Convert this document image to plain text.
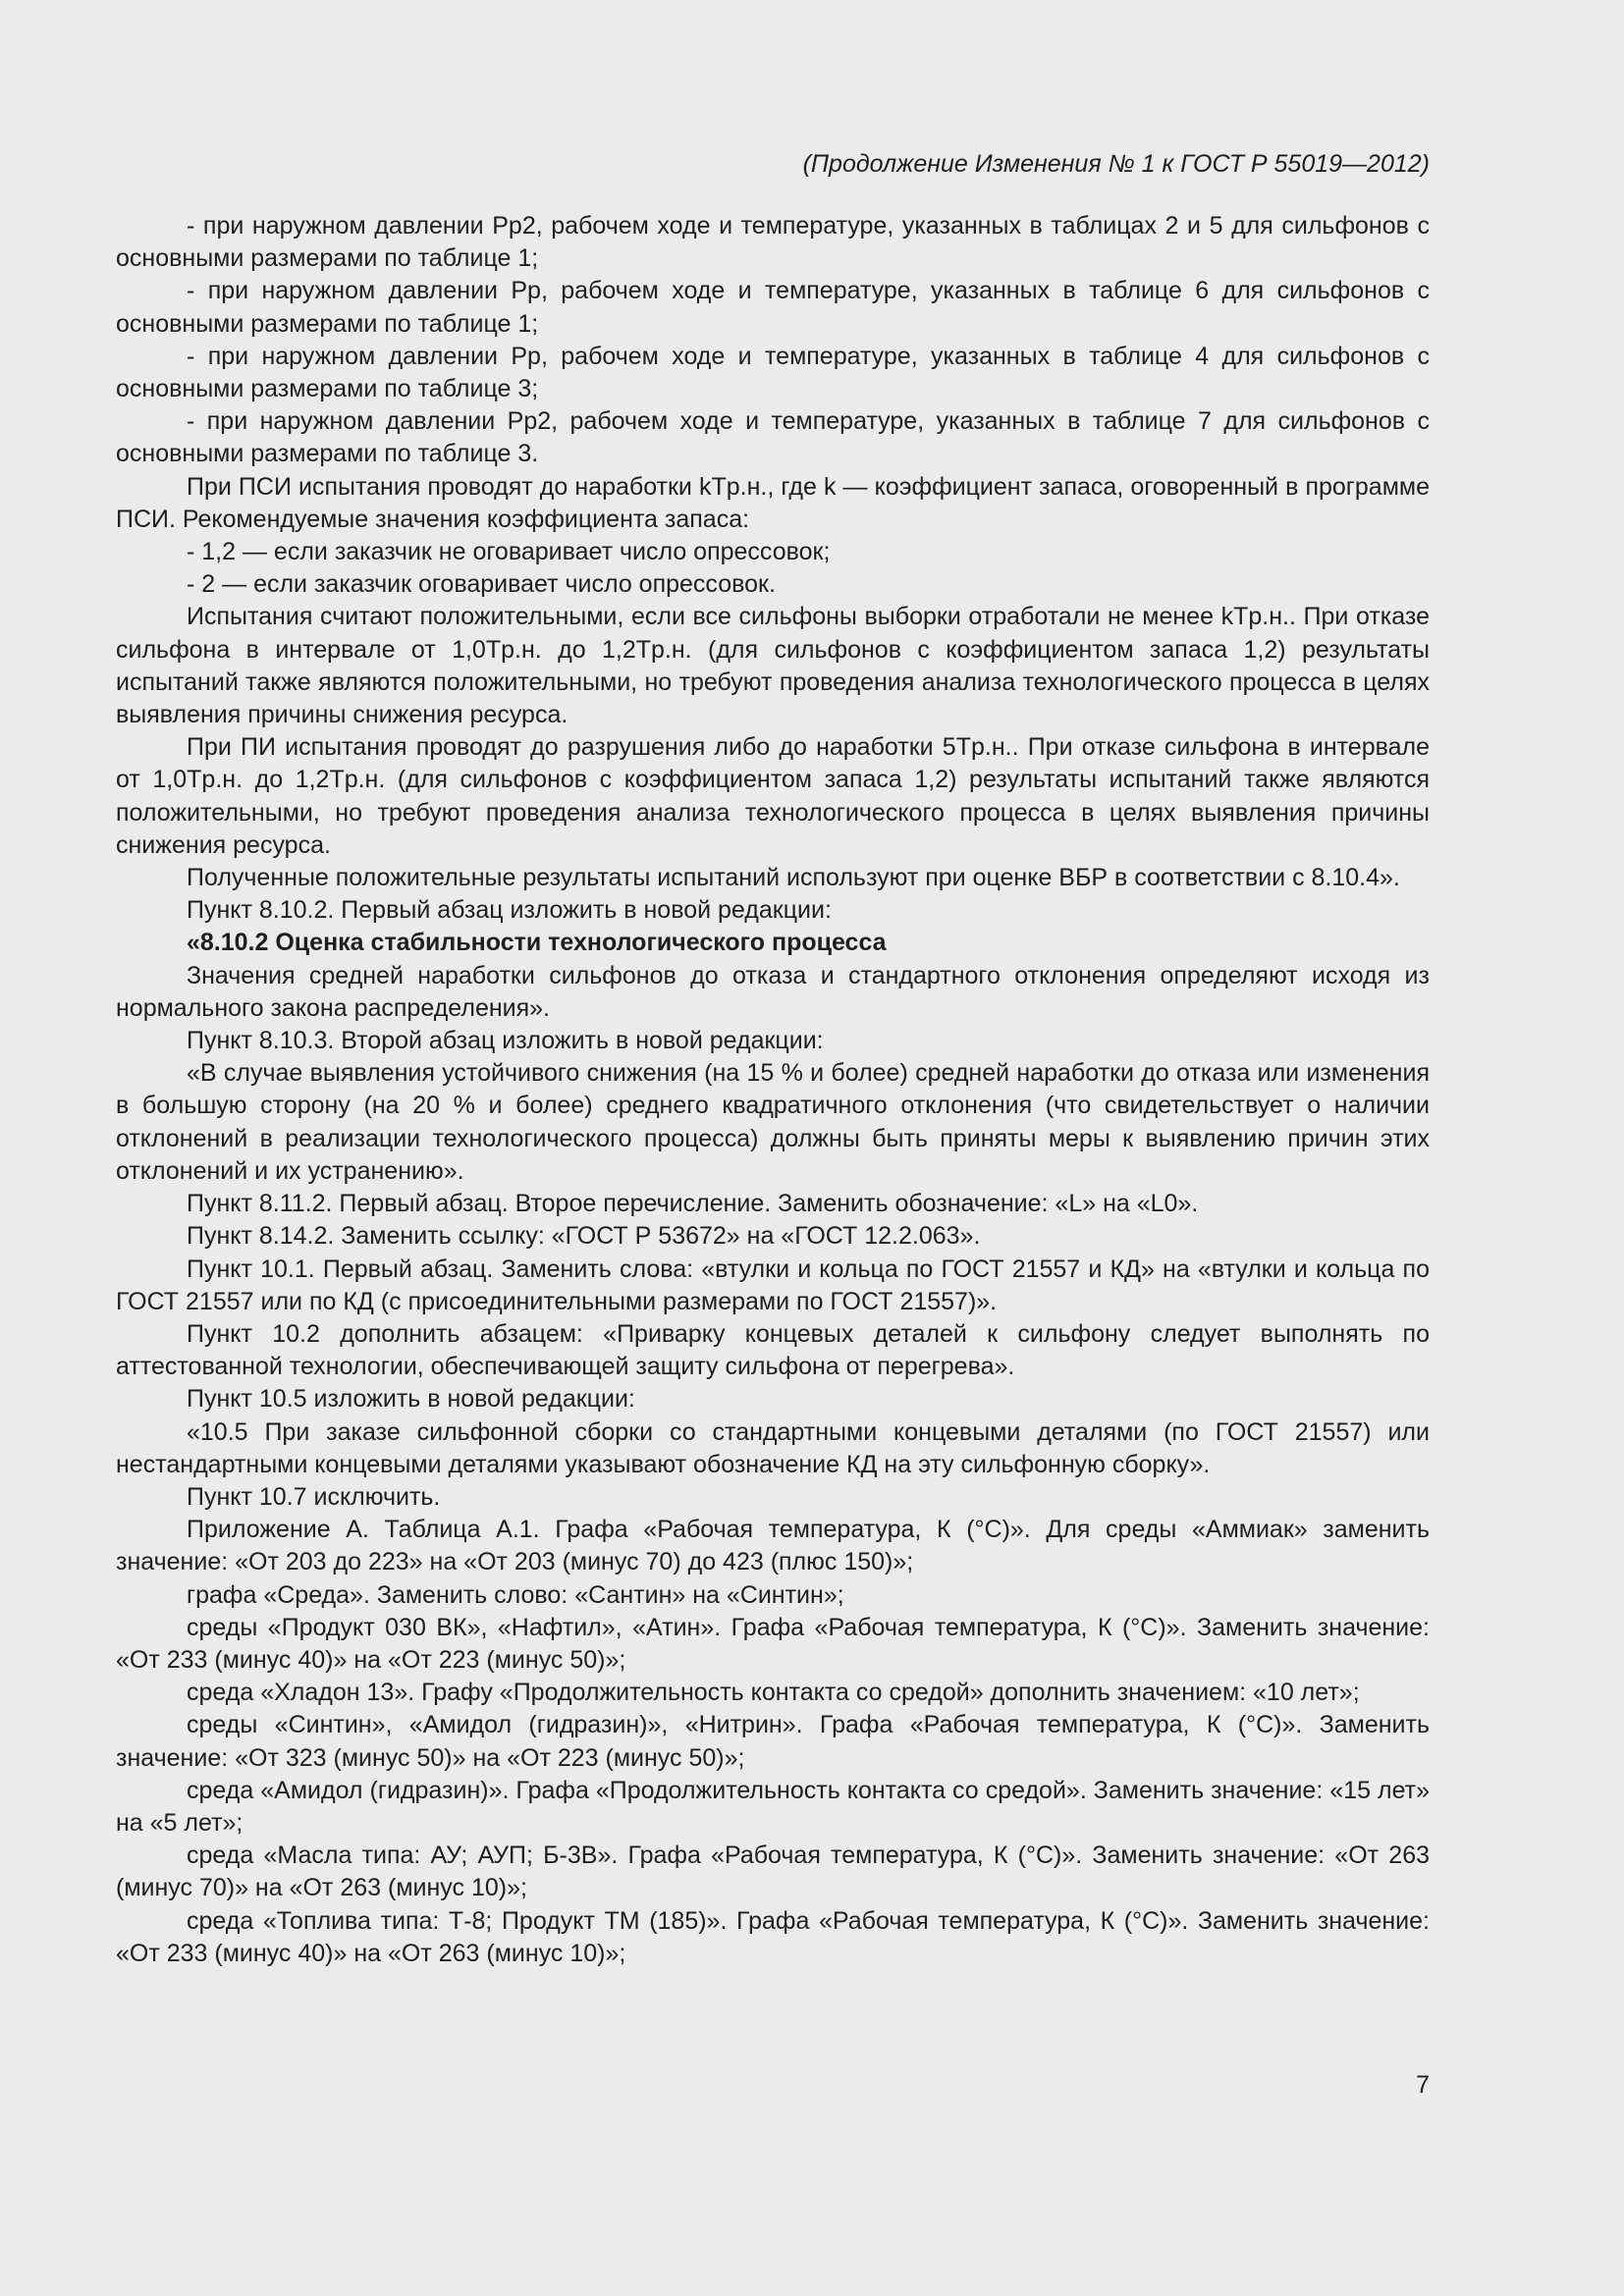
(Продолжение Изменения № 1 к ГОСТ Р 55019—2012)

- при наружном давлении Pp2, рабочем ходе и температуре, указанных в таблицах 2 и 5 для сильфонов с основными размерами по таблице 1;

- при наружном давлении Pp, рабочем ходе и температуре, указанных в таблице 6 для сильфонов с основными размерами по таблице 1;

- при наружном давлении Pp, рабочем ходе и температуре, указанных в таблице 4 для сильфонов с основными размерами по таблице 3;

- при наружном давлении Pp2, рабочем ходе и температуре, указанных в таблице 7 для сильфонов с основными размерами по таблице 3.

При ПСИ испытания проводят до наработки kTр.н., где k — коэффициент запаса, оговоренный в программе ПСИ. Рекомендуемые значения коэффициента запаса:

- 1,2 — если заказчик не оговаривает число опрессовок;

- 2 — если заказчик оговаривает число опрессовок.

Испытания считают положительными, если все сильфоны выборки отработали не менее kTр.н.. При отказе сильфона в интервале от 1,0Tр.н. до 1,2Tр.н. (для сильфонов с коэффициентом запаса 1,2) результаты испытаний также являются положительными, но требуют проведения анализа технологического процесса в целях выявления причины снижения ресурса.

При ПИ испытания проводят до разрушения либо до наработки 5Tр.н.. При отказе сильфона в интервале от 1,0Tр.н. до 1,2Tр.н. (для сильфонов с коэффициентом запаса 1,2) результаты испытаний также являются положительными, но требуют проведения анализа технологического процесса в целях выявления причины снижения ресурса.

Полученные положительные результаты испытаний используют при оценке ВБР в соответствии с 8.10.4».

Пункт 8.10.2. Первый абзац изложить в новой редакции:

«8.10.2 Оценка стабильности технологического процесса

Значения средней наработки сильфонов до отказа и стандартного отклонения определяют исходя из нормального закона распределения».

Пункт 8.10.3. Второй абзац изложить в новой редакции:

«В случае выявления устойчивого снижения (на 15 % и более) средней наработки до отказа или изменения в большую сторону (на 20 % и более) среднего квадратичного отклонения (что свидетельствует о наличии отклонений в реализации технологического процесса) должны быть приняты меры к выявлению причин этих отклонений и их устранению».

Пункт 8.11.2. Первый абзац. Второе перечисление. Заменить обозначение: «L» на «L0».

Пункт 8.14.2. Заменить ссылку: «ГОСТ Р 53672» на «ГОСТ 12.2.063».

Пункт 10.1. Первый абзац. Заменить слова: «втулки и кольца по ГОСТ 21557 и КД» на «втулки и кольца по ГОСТ 21557 или по КД (с присоединительными размерами по ГОСТ 21557)».

Пункт 10.2 дополнить абзацем: «Приварку концевых деталей к сильфону следует выполнять по аттестованной технологии, обеспечивающей защиту сильфона от перегрева».

Пункт 10.5 изложить в новой редакции:

«10.5 При заказе сильфонной сборки со стандартными концевыми деталями (по ГОСТ 21557) или нестандартными концевыми деталями указывают обозначение КД на эту сильфонную сборку».

Пункт 10.7 исключить.

Приложение А. Таблица А.1. Графа «Рабочая температура, К (°С)». Для среды «Аммиак» заменить значение: «От 203 до 223» на «От 203 (минус 70) до 423 (плюс 150)»;

графа «Среда». Заменить слово: «Сантин» на «Синтин»;

среды «Продукт 030 ВК», «Нафтил», «Атин». Графа «Рабочая температура, К (°С)». Заменить значение: «От 233 (минус 40)» на «От 223 (минус 50)»;

среда «Хладон 13». Графу «Продолжительность контакта со средой» дополнить значением: «10 лет»;

среды «Синтин», «Амидол (гидразин)», «Нитрин». Графа «Рабочая температура, К (°С)». Заменить значение: «От 323 (минус 50)» на «От 223 (минус 50)»;

среда «Амидол (гидразин)». Графа «Продолжительность контакта со средой». Заменить значение: «15 лет» на «5 лет»;

среда «Масла типа: АУ; АУП; Б-3В». Графа «Рабочая температура, К (°С)». Заменить значение: «От 263 (минус 70)» на «От 263 (минус 10)»;

среда «Топлива типа: Т-8; Продукт ТМ (185)». Графа «Рабочая температура, К (°С)». Заменить значение: «От 233 (минус 40)» на «От 263 (минус 10)»;

7
